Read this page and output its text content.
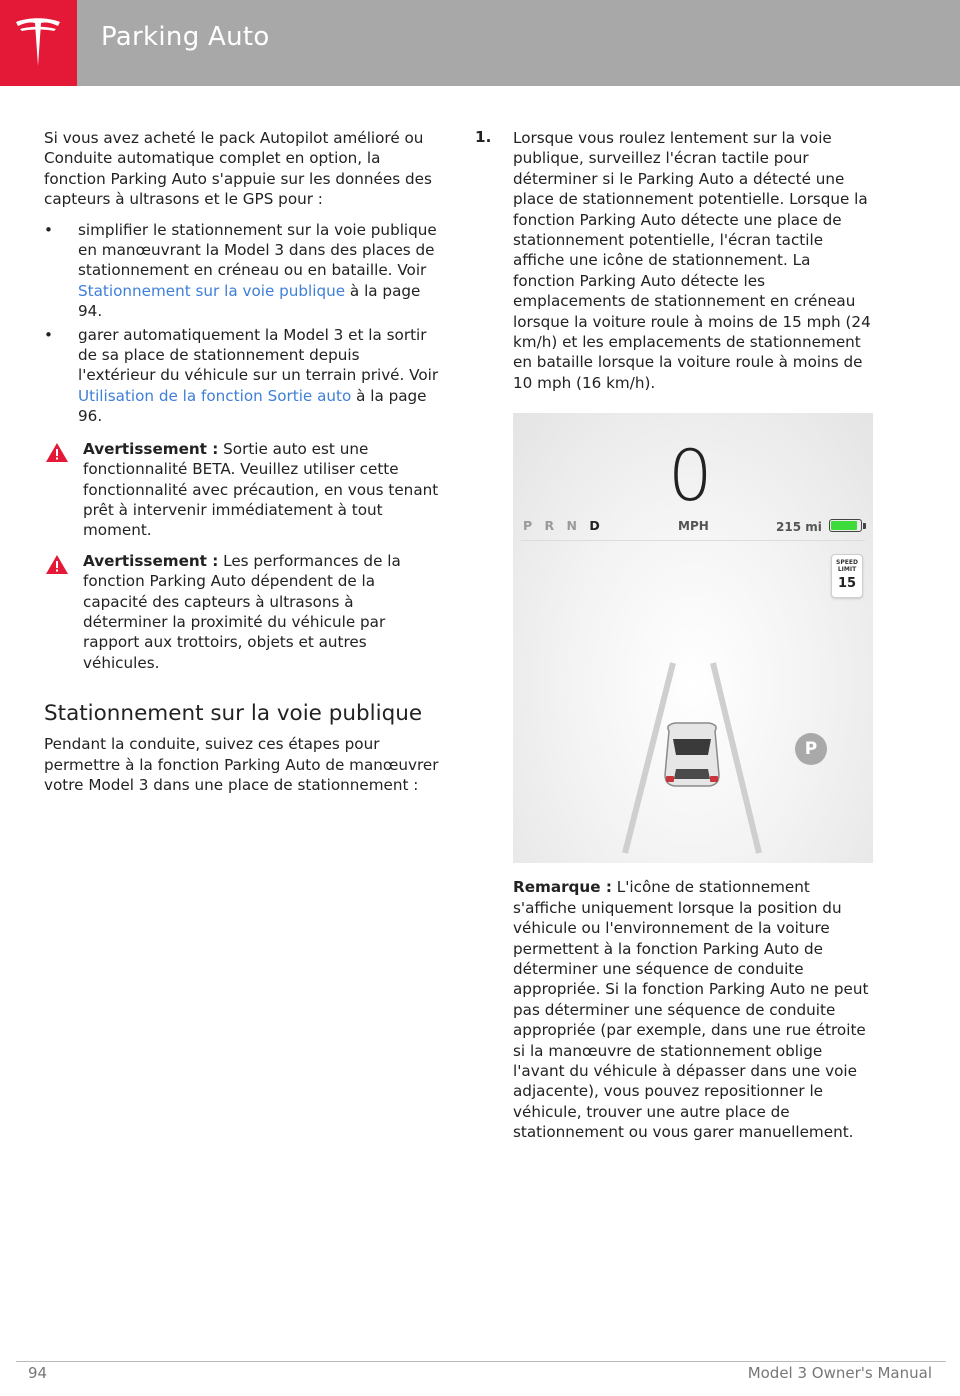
Parking Auto

Si vous avez acheté le pack Autopilot amélioré ou Conduite automatique complet en option, la fonction Parking Auto s'appuie sur les données des capteurs à ultrasons et le GPS pour :

• simplifier le stationnement sur la voie publique en manœuvrant la Model 3 dans des places de stationnement en créneau ou en bataille. Voir Stationnement sur la voie publique à la page 94.
• garer automatiquement la Model 3 et la sortir de sa place de stationnement depuis l'extérieur du véhicule sur un terrain privé. Voir Utilisation de la fonction Sortie auto à la page 96.

Avertissement : Sortie auto est une fonctionnalité BETA. Veuillez utiliser cette fonctionnalité avec précaution, en vous tenant prêt à intervenir immédiatement à tout moment.

Avertissement : Les performances de la fonction Parking Auto dépendent de la capacité des capteurs à ultrasons à déterminer la proximité du véhicule par rapport aux trottoirs, objets et autres véhicules.

Stationnement sur la voie publique

Pendant la conduite, suivez ces étapes pour permettre à la fonction Parking Auto de manœuvrer votre Model 3 dans une place de stationnement :

1. Lorsque vous roulez lentement sur la voie publique, surveillez l'écran tactile pour déterminer si le Parking Auto a détecté une place de stationnement potentielle. Lorsque la fonction Parking Auto détecte une place de stationnement potentielle, l'écran tactile affiche une icône de stationnement. La fonction Parking Auto détecte les emplacements de stationnement en créneau lorsque la voiture roule à moins de 15 mph (24 km/h) et les emplacements de stationnement en bataille lorsque la voiture roule à moins de 10 mph (16 km/h).

0
P R N D	MPH	215 mi
SPEED LIMIT
15
P

Remarque : L'icône de stationnement s'affiche uniquement lorsque la position du véhicule ou l'environnement de la voiture permettent à la fonction Parking Auto de déterminer une séquence de conduite appropriée. Si la fonction Parking Auto ne peut pas déterminer une séquence de conduite appropriée (par exemple, dans une rue étroite si la manœuvre de stationnement oblige l'avant du véhicule à dépasser dans une voie adjacente), vous pouvez repositionner le véhicule, trouver une autre place de stationnement ou vous garer manuellement.

94	Model 3 Owner's Manual
